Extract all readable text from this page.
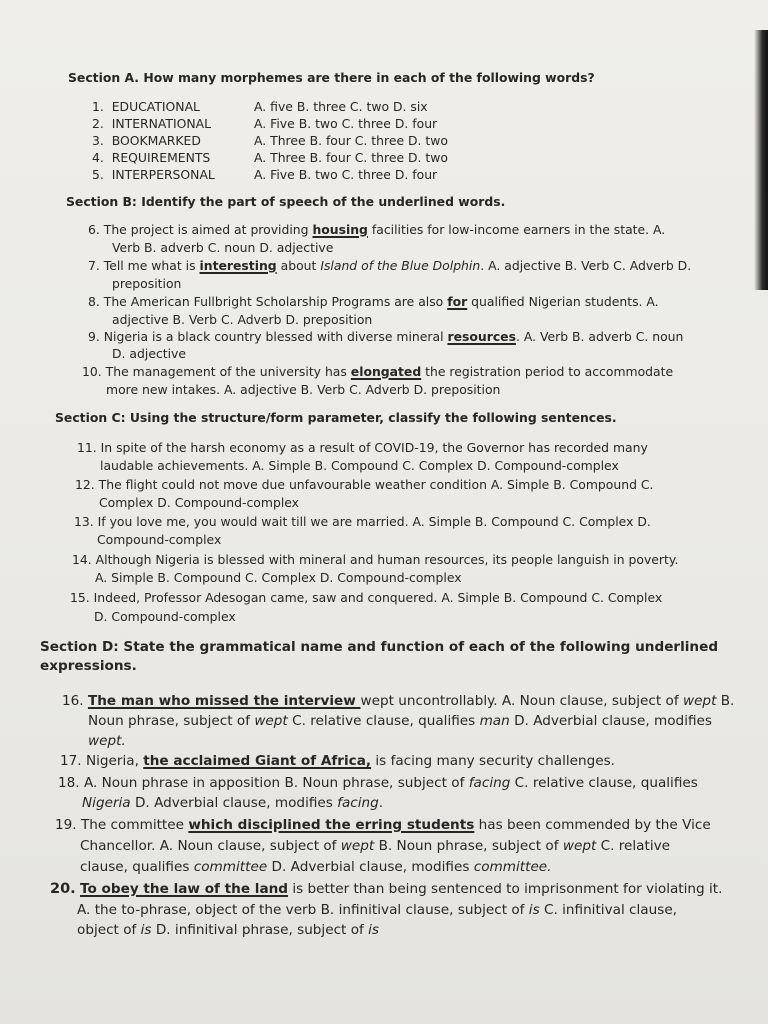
Section A. How many morphemes are there in each of the following words?
1. EDUCATIONAL	A. five B. three C. two D. six
2. INTERNATIONAL	A. Five B. two C. three D. four
3. BOOKMARKED	A. Three B. four C. three D. two
4. REQUIREMENTS	A. Three B. four C. three D. two
5. INTERPERSONAL	A. Five B. two C. three D. four
Section B: Identify the part of speech of the underlined words.
6. The project is aimed at providing housing facilities for low-income earners in the state. A.
Verb B. adverb C. noun D. adjective
7. Tell me what is interesting about Island of the Blue Dolphin. A. adjective B. Verb C. Adverb D.
preposition
8. The American Fullbright Scholarship Programs are also for qualified Nigerian students. A.
adjective B. Verb C. Adverb D. preposition
9. Nigeria is a black country blessed with diverse mineral resources. A. Verb B. adverb C. noun
D. adjective
10. The management of the university has elongated the registration period to accommodate
more new intakes. A. adjective B. Verb C. Adverb D. preposition
Section C: Using the structure/form parameter, classify the following sentences.
11. In spite of the harsh economy as a result of COVID-19, the Governor has recorded many
laudable achievements. A. Simple B. Compound C. Complex D. Compound-complex
12. The flight could not move due unfavourable weather condition A. Simple B. Compound C.
Complex D. Compound-complex
13. If you love me, you would wait till we are married. A. Simple B. Compound C. Complex D.
Compound-complex
14. Although Nigeria is blessed with mineral and human resources, its people languish in poverty.
A. Simple B. Compound C. Complex D. Compound-complex
15. Indeed, Professor Adesogan came, saw and conquered. A. Simple B. Compound C. Complex
D. Compound-complex
Section D: State the grammatical name and function of each of the following underlined
expressions.
16. The man who missed the interview wept uncontrollably. A. Noun clause, subject of wept B.
Noun phrase, subject of wept C. relative clause, qualifies man D. Adverbial clause, modifies
wept.
17. Nigeria, the acclaimed Giant of Africa, is facing many security challenges.
18. A. Noun phrase in apposition B. Noun phrase, subject of facing C. relative clause, qualifies
Nigeria D. Adverbial clause, modifies facing.
19. The committee which disciplined the erring students has been commended by the Vice
Chancellor. A. Noun clause, subject of wept B. Noun phrase, subject of wept C. relative
clause, qualifies committee D. Adverbial clause, modifies committee.
20. To obey the law of the land is better than being sentenced to imprisonment for violating it.
A. the to-phrase, object of the verb B. infinitival clause, subject of is C. infinitival clause,
object of is D. infinitival phrase, subject of is
